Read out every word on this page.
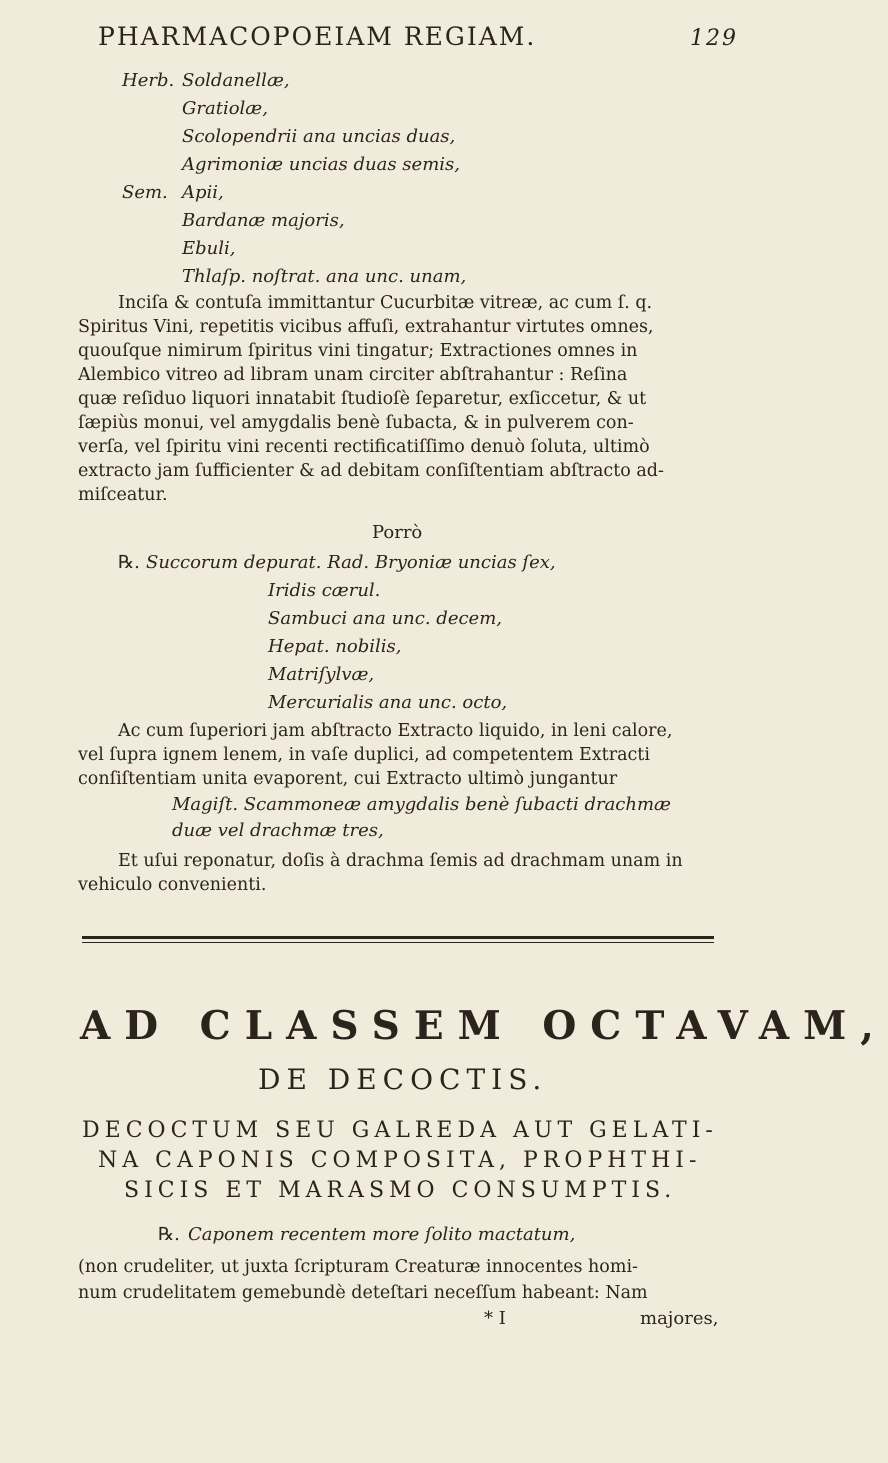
PHARMACOPOEIAM REGIAM.	129
Herb. Soldanellæ,
Gratiolæ,
Scolopendrii ana uncias duas,
Agrimoniæ uncias duas semis,
Sem. Apii,
Bardanæ majoris,
Ebuli,
Thlaſp. noſtrat. ana unc. unam,
Inciſa & contuſa immittantur Cucurbitæ vitreæ, ac cum ſ. q.
Spiritus Vini, repetitis vicibus affuſi, extrahantur virtutes omnes,
quouſque nimirum ſpiritus vini tingatur; Extractiones omnes in
Alembico vitreo ad libram unam circiter abſtrahantur : Reſina
quæ reſiduo liquori innatabit ſtudioſè ſeparetur, exſiccetur, & ut
ſæpiùs monui, vel amygdalis benè ſubacta, & in pulverem con-
verſa, vel ſpiritu vini recenti rectificatiſſimo denuò ſoluta, ultimò
extracto jam ſufficienter & ad debitam conſiſtentiam abſtracto ad-
miſceatur.
Porrò
℞. Succorum depurat. Rad. Bryoniæ uncias ſex,
Iridis cærul.
Sambuci ana unc. decem,
Hepat. nobilis,
Matriſylvæ,
Mercurialis ana unc. octo,
Ac cum ſuperiori jam abſtracto Extracto liquido, in leni calore,
vel ſupra ignem lenem, in vaſe duplici, ad competentem Extracti
conſiſtentiam unita evaporent, cui Extracto ultimò jungantur
Magiſt. Scammoneæ amygdalis benè ſubacti drachmæ
duæ vel drachmæ tres,
Et uſui reponatur, doſis à drachma ſemis ad drachmam unam in
vehiculo convenienti.
AD CLASSEM OCTAVAM,
DE DECOCTIS.
DECOCTUM SEU GALREDA AUT GELATI-
NA CAPONIS COMPOSITA, PROPHTHI-
SICIS ET MARASMO CONSUMPTIS.
℞. Caponem recentem more ſolito mactatum,
(non crudeliter, ut juxta ſcripturam Creaturæ innocentes homi-
num crudelitatem gemebundè deteſtari neceſſum habeant: Nam
* I	majores,
